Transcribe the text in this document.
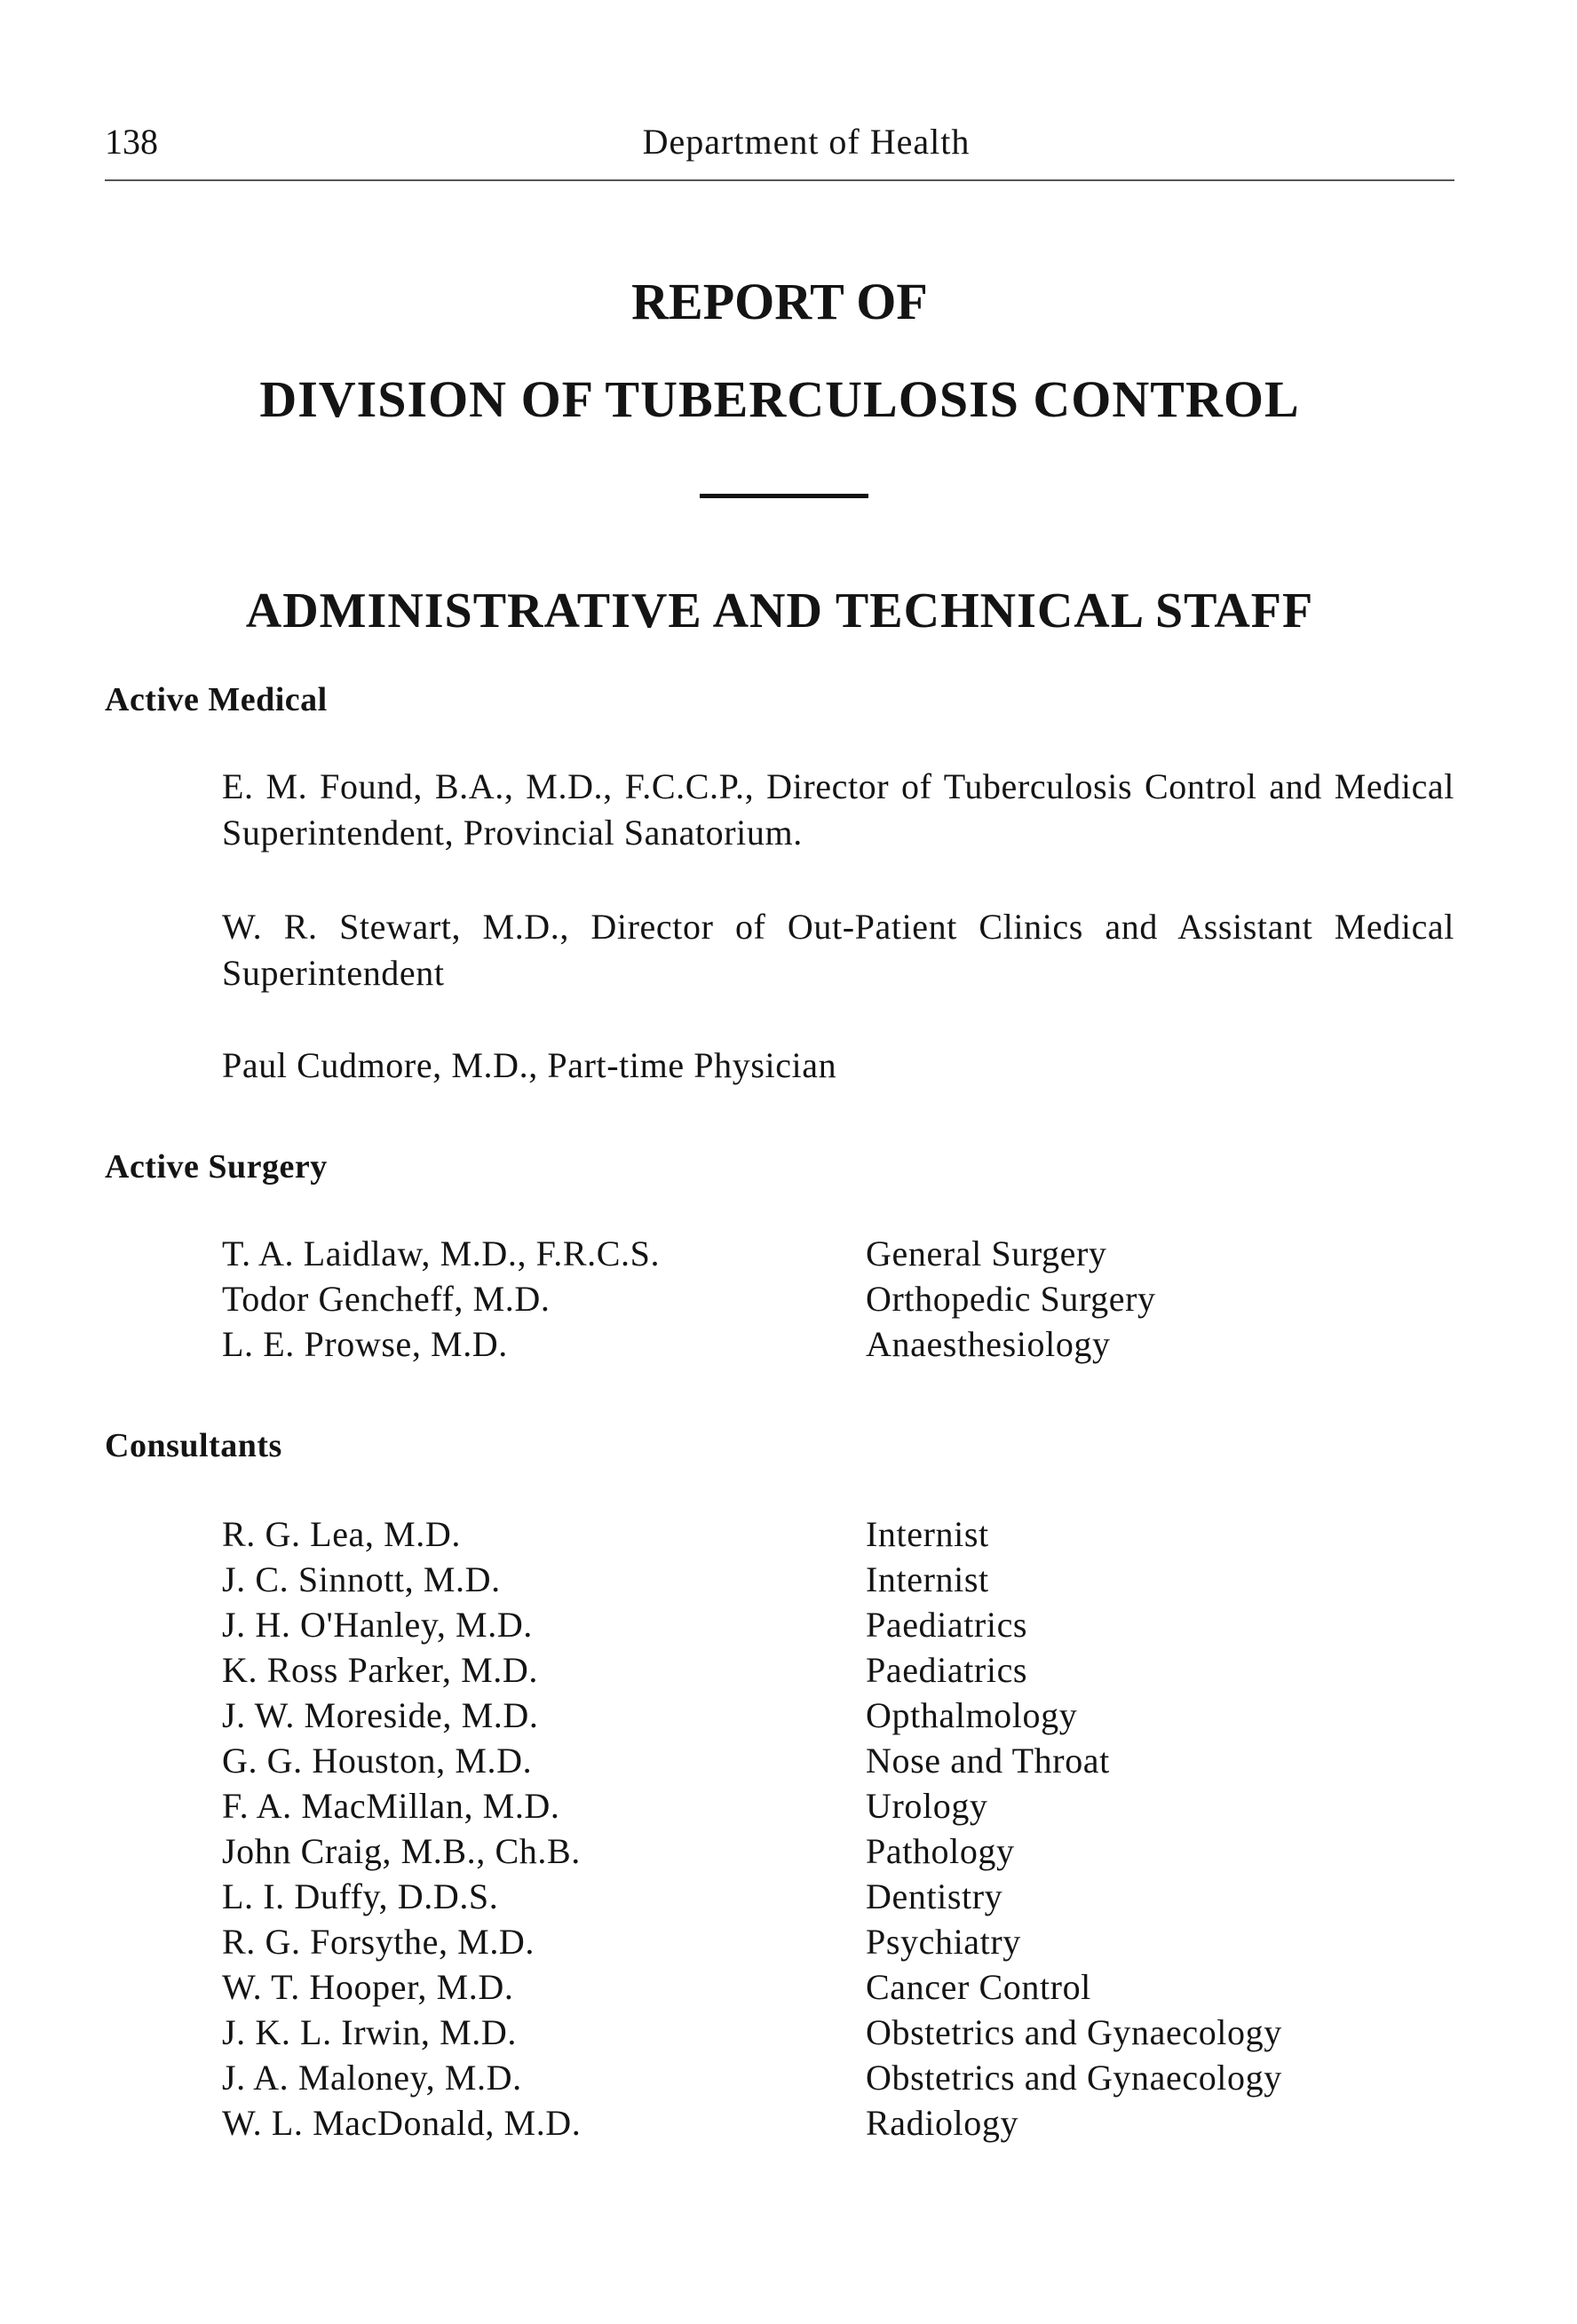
138	Department of Health
REPORT OF
DIVISION OF TUBERCULOSIS CONTROL
ADMINISTRATIVE AND TECHNICAL STAFF
Active Medical
E. M. Found, B.A., M.D., F.C.C.P., Director of Tuberculosis Control and Medical Superintendent, Provincial Sanatorium.
W. R. Stewart, M.D., Director of Out-Patient Clinics and Assistant Medical Superintendent
Paul Cudmore, M.D., Part-time Physician
Active Surgery
T. A. Laidlaw, M.D., F.R.C.S.	General Surgery
Todor Gencheff, M.D.	Orthopedic Surgery
L. E. Prowse, M.D.	Anaesthesiology
Consultants
R. G. Lea, M.D.	Internist
J. C. Sinnott, M.D.	Internist
J. H. O'Hanley, M.D.	Paediatrics
K. Ross Parker, M.D.	Paediatrics
J. W. Moreside, M.D.	Opthalmology
G. G. Houston, M.D.	Nose and Throat
F. A. MacMillan, M.D.	Urology
John Craig, M.B., Ch.B.	Pathology
L. I. Duffy, D.D.S.	Dentistry
R. G. Forsythe, M.D.	Psychiatry
W. T. Hooper, M.D.	Cancer Control
J. K. L. Irwin, M.D.	Obstetrics and Gynaecology
J. A. Maloney, M.D.	Obstetrics and Gynaecology
W. L. MacDonald, M.D.	Radiology
